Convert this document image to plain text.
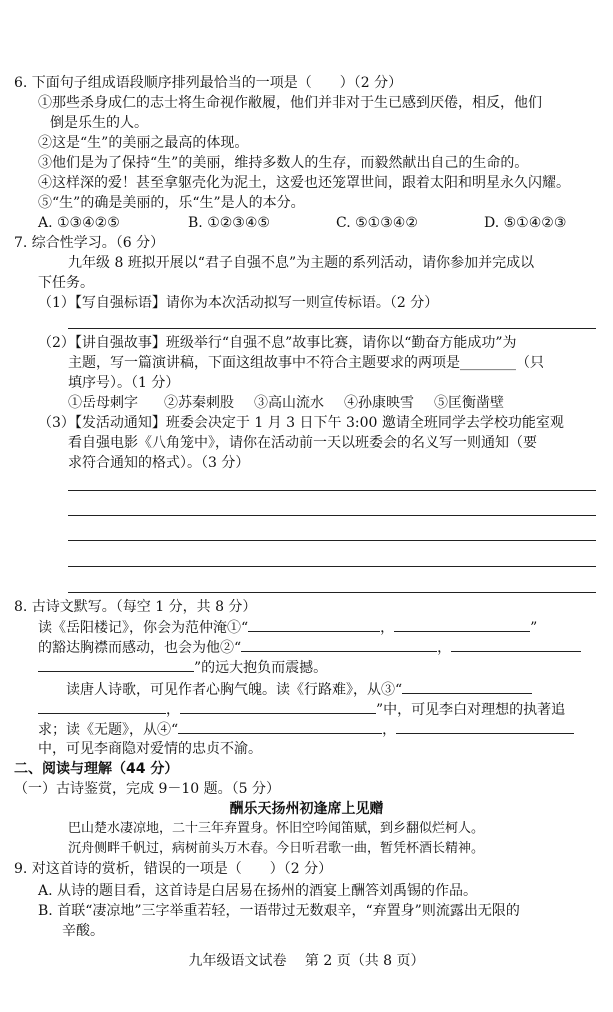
6. 下面句子组成语段顺序排列最恰当的一项是（　　）（2 分）
①那些杀身成仁的志士将生命视作敝履，他们并非对于生已感到厌倦，相反，他们
倒是乐生的人。
②这是“生”的美丽之最高的体现。
③他们是为了保持“生”的美丽，维持多数人的生存，而毅然献出自己的生命的。
④这样深的爱！甚至拿躯壳化为泥土，这爱也还笼罩世间，跟着太阳和明星永久闪耀。
⑤“生”的确是美丽的，乐“生”是人的本分。
A. ①③④②⑤	B. ①②③④⑤	C. ⑤①③④②	D. ⑤①④②③
7. 综合性学习。（6 分）
九年级 8 班拟开展以“君子自强不息”为主题的系列活动，请你参加并完成以
下任务。
（1）【写自强标语】请你为本次活动拟写一则宣传标语。（2 分）
（2）【讲自强故事】班级举行“自强不息”故事比赛，请你以“勤奋方能成功”为
主题，写一篇演讲稿，下面这组故事中不符合主题要求的两项是________（只
填序号）。（1 分）
①岳母刺字 ②苏秦刺股 ③高山流水 ④孙康映雪 ⑤匡衡凿壁
（3）【发活动通知】班委会决定于 1 月 3 日下午 3:00 邀请全班同学去学校功能室观
看自强电影《八角笼中》，请你在活动前一天以班委会的名义写一则通知（要
求符合通知的格式）。（3 分）
8. 古诗文默写。（每空 1 分，共 8 分）
读《岳阳楼记》，你会为范仲淹①“	，	”
的豁达胸襟而感动，也会为他②“	，
”的远大抱负而震撼。
读唐人诗歌，可见作者心胸气魄。读《行路难》，从③“
，	”中，可见李白对理想的执著追
求；读《无题》，从④“	，
中，可见李商隐对爱情的忠贞不渝。
二、阅读与理解（44 分）
（一）古诗鉴赏，完成 9－10 题。（5 分）
酬乐天扬州初逢席上见赠
巴山楚水凄凉地，二十三年弃置身。怀旧空吟闻笛赋，到乡翻似烂柯人。
沉舟侧畔千帆过，病树前头万木春。今日听君歌一曲，暂凭杯酒长精神。
9. 对这首诗的赏析，错误的一项是（　　）（2 分）
A. 从诗的题目看，这首诗是白居易在扬州的酒宴上酬答刘禹锡的作品。
B. 首联“凄凉地”三字举重若轻，一语带过无数艰辛，“弃置身”则流露出无限的
辛酸。
九年级语文试卷　 第 2 页（共 8 页）
